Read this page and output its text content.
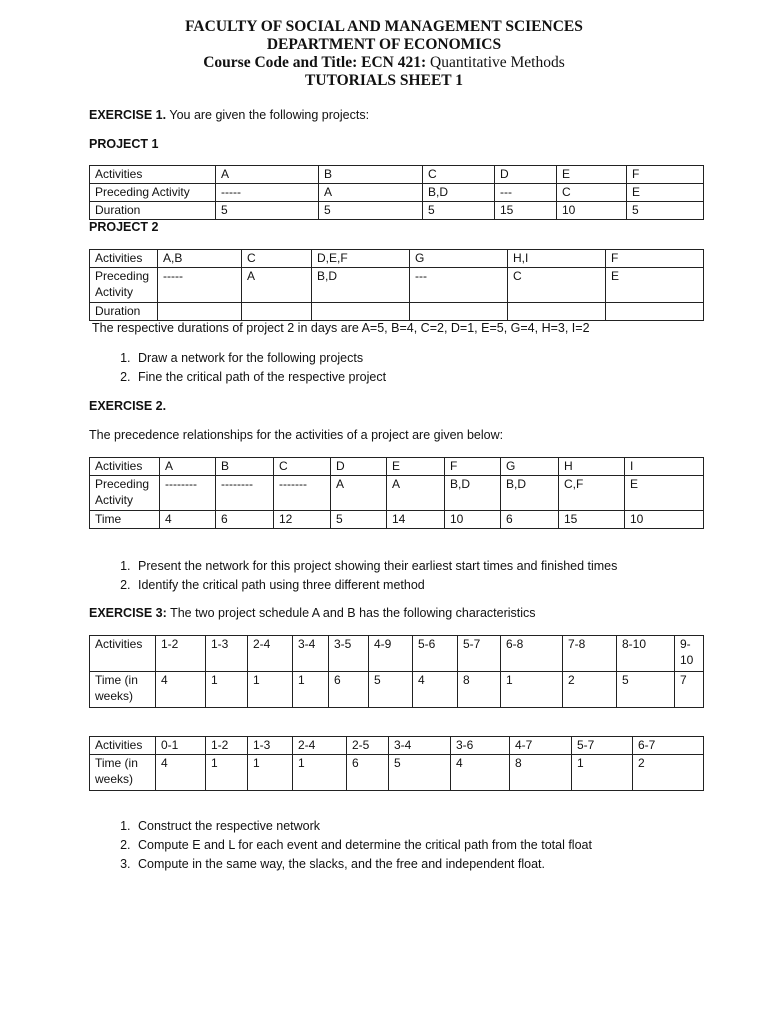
FACULTY OF SOCIAL AND MANAGEMENT SCIENCES
DEPARTMENT OF ECONOMICS
Course Code and Title: ECN 421: Quantitative Methods
TUTORIALS SHEET 1
EXERCISE 1. You are given the following projects:
PROJECT 1
Activities	A	B	C	D	E	F
Preceding Activity	-----	A	B,D	---	C	E
Duration	5	5	5	15	10	5
PROJECT 2
Activities	A,B	C	D,E,F	G	H,I	F
Preceding Activity	-----	A	B,D	---	C	E
Duration						
The respective durations of project 2 in days are A=5, B=4, C=2, D=1, E=5, G=4, H=3, I=2
1. Draw a network for the following projects
2. Fine the critical path of the respective project
EXERCISE 2.
The precedence relationships for the activities of a project are given below:
Activities	A	B	C	D	E	F	G	H	I
Preceding Activity	--------	--------	-------	A	A	B,D	B,D	C,F	E
Time	4	6	12	5	14	10	6	15	10
1. Present the network for this project showing their earliest start times and finished times
2. Identify the critical path using three different method
EXERCISE 3: The two project schedule A and B has the following characteristics
Activities	1-2	1-3	2-4	3-4	3-5	4-9	5-6	5-7	6-8	7-8	8-10	9-10
Time (in weeks)	4	1	1	1	6	5	4	8	1	2	5	7
Activities	0-1	1-2	1-3	2-4	2-5	3-4	3-6	4-7	5-7	6-7
Time (in weeks)	4	1	1	1	6	5	4	8	1	2
1. Construct the respective network
2. Compute E and L for each event and determine the critical path from the total float
3. Compute in the same way, the slacks, and the free and independent float.
